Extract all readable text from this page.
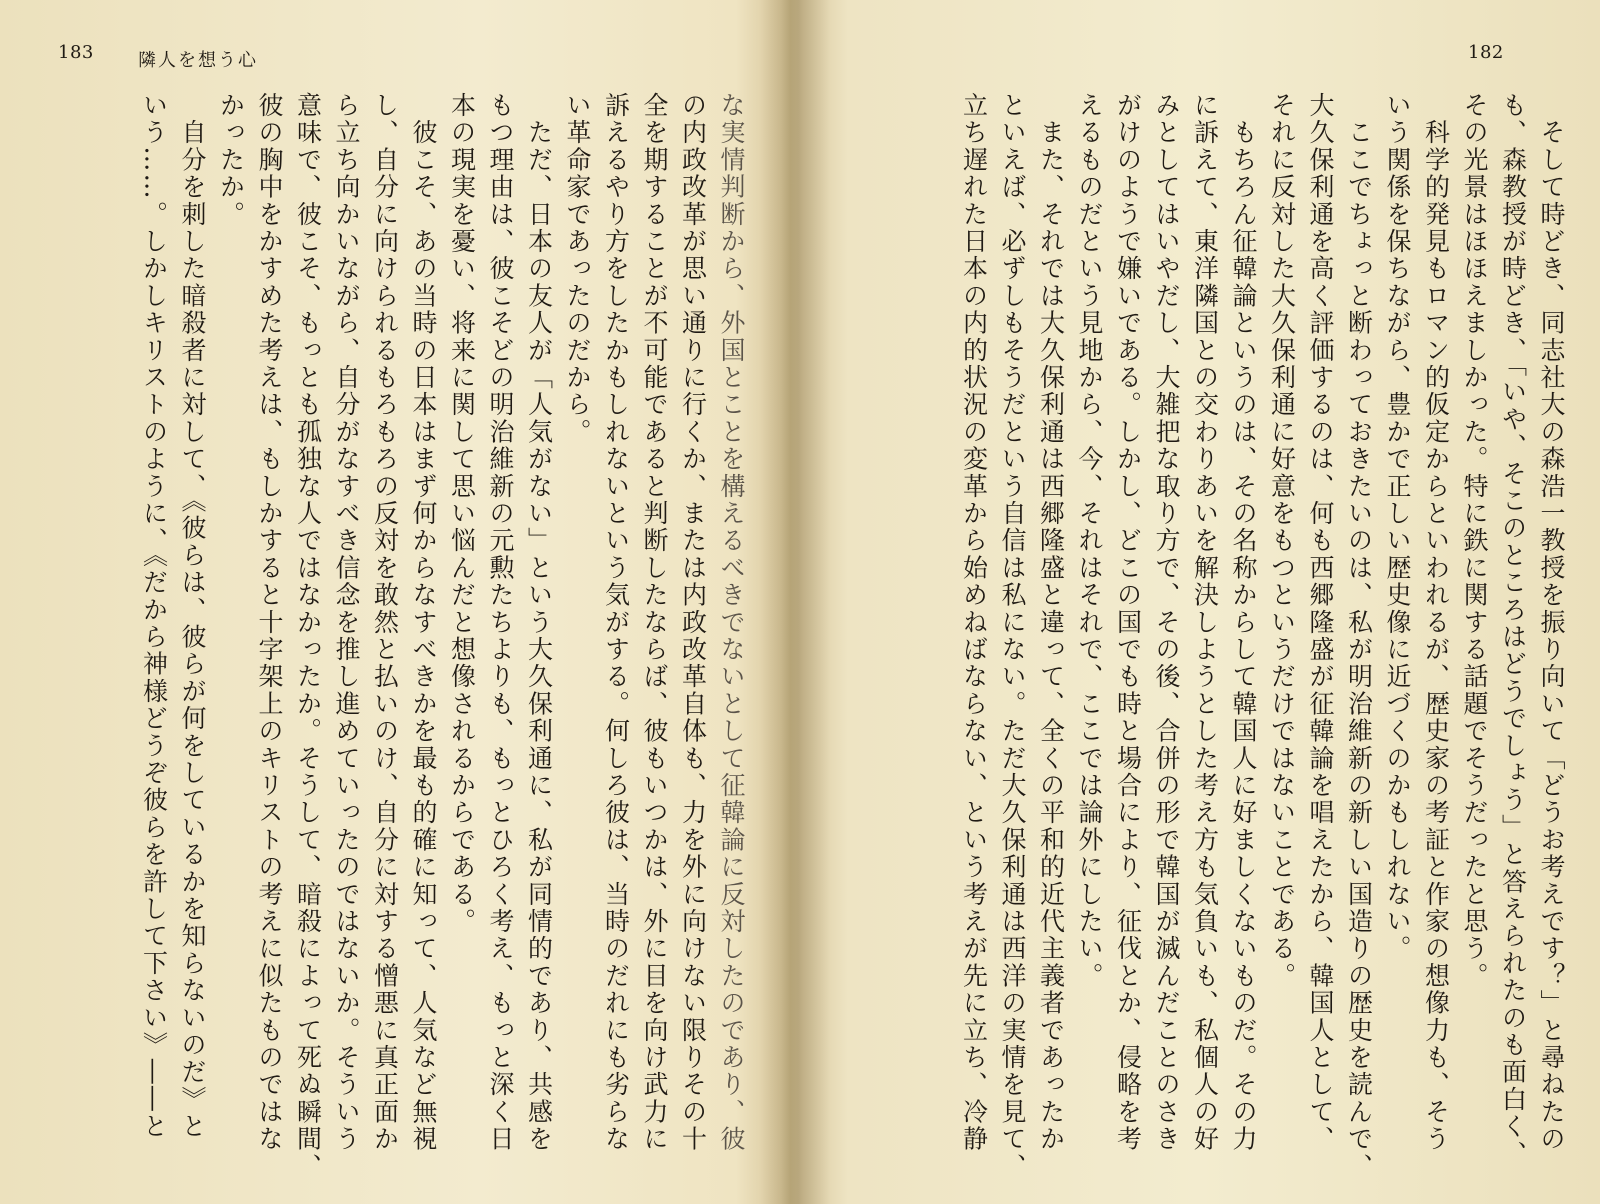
183 隣人を想う心
な実情判断から、外国とことを構えるべきでないとして征韓論に反対したのであり、彼
の内政改革が思い通りに行くか、または内政改革自体も、力を外に向けない限りその十
全を期することが不可能であると判断したならば、彼もいつかは、外に目を向け武力に
訴えるやり方をしたかもしれないという気がする。何しろ彼は、当時のだれにも劣らな
い革命家であったのだから。
　ただ、日本の友人が「人気がない」という大久保利通に、私が同情的であり、共感を
もつ理由は、彼こそどの明治維新の元勲たちよりも、もっとひろく考え、もっと深く日
本の現実を憂い、将来に関して思い悩んだと想像されるからである。
　彼こそ、あの当時の日本はまず何からなすべきかを最も的確に知って、人気など無視
し、自分に向けられるもろもろの反対を敢然と払いのけ、自分に対する憎悪に真正面か
ら立ち向かいながら、自分がなすべき信念を推し進めていったのではないか。そういう
意味で、彼こそ、もっとも孤独な人ではなかったか。そうして、暗殺によって死ぬ瞬間、
彼の胸中をかすめた考えは、もしかすると十字架上のキリストの考えに似たものではな
かったか。
　自分を刺した暗殺者に対して、《彼らは、彼らが何をしているかを知らないのだ》と
いう……。しかしキリストのように、《だから神様どうぞ彼らを許して下さい》――と
182
　そして時どき、同志社大の森浩一教授を振り向いて「どうお考えです？」と尋ねたの
も、森教授が時どき、「いや、そこのところはどうでしょう」と答えられたのも面白く、
その光景はほほえましかった。特に鉄に関する話題でそうだったと思う。
　科学的発見もロマン的仮定からといわれるが、歴史家の考証と作家の想像力も、そう
いう関係を保ちながら、豊かで正しい歴史像に近づくのかもしれない。
　ここでちょっと断わっておきたいのは、私が明治維新の新しい国造りの歴史を読んで、
大久保利通を高く評価するのは、何も西郷隆盛が征韓論を唱えたから、韓国人として、
それに反対した大久保利通に好意をもつというだけではないことである。
　もちろん征韓論というのは、その名称からして韓国人に好ましくないものだ。その力
に訴えて、東洋隣国との交わりあいを解決しようとした考え方も気負いも、私個人の好
みとしてはいやだし、大雑把な取り方で、その後、合併の形で韓国が滅んだことのさき
がけのようで嫌いである。しかし、どこの国でも時と場合により、征伐とか、侵略を考
えるものだという見地から、今、それはそれで、ここでは論外にしたい。
　また、それでは大久保利通は西郷隆盛と違って、全くの平和的近代主義者であったか
といえば、必ずしもそうだという自信は私にない。ただ大久保利通は西洋の実情を見て、
立ち遅れた日本の内的状況の変革から始めねばならない、という考えが先に立ち、冷静
